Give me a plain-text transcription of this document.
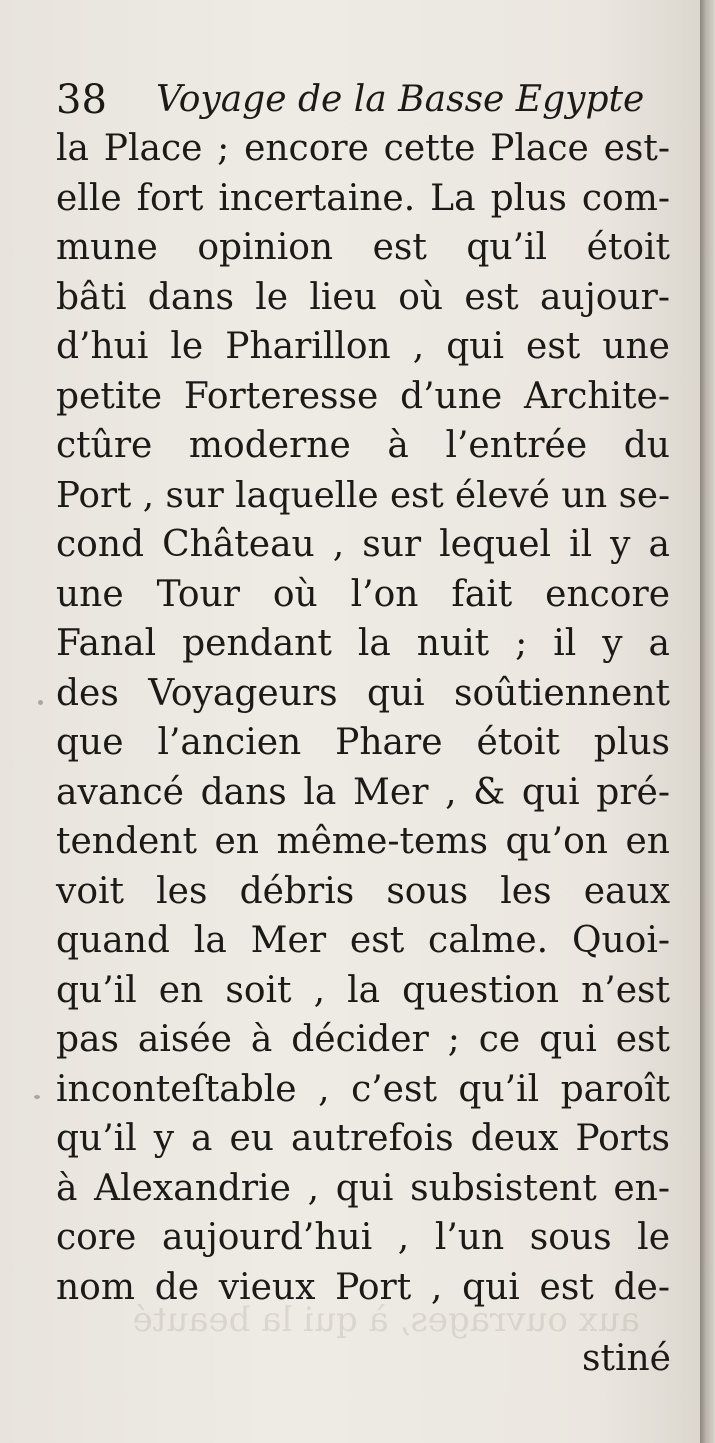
aux ouvrages, à qui la beauté
38 Voyage de la Basse Egypte
la Place ; encore cette Place est-
elle fort incertaine. La plus com-
mune opinion est qu’il étoit
bâti dans le lieu où est aujour-
d’hui le Pharillon , qui est une
petite Forteresse d’une Archite-
ctûre moderne à l’entrée du
Port , sur laquelle est élevé un se-
cond Château , sur lequel il y a
une Tour où l’on fait encore
Fanal pendant la nuit ; il y a
des Voyageurs qui soûtiennent
que l’ancien Phare étoit plus
avancé dans la Mer , & qui pré-
tendent en même-tems qu’on en
voit les débris sous les eaux
quand la Mer est calme. Quoi-
qu’il en soit , la question n’est
pas aisée à décider ; ce qui est
inconteſtable , c’est qu’il paroît
qu’il y a eu autrefois deux Ports
à Alexandrie , qui subsistent en-
core aujourd’hui , l’un sous le
nom de vieux Port , qui est de-
stiné
